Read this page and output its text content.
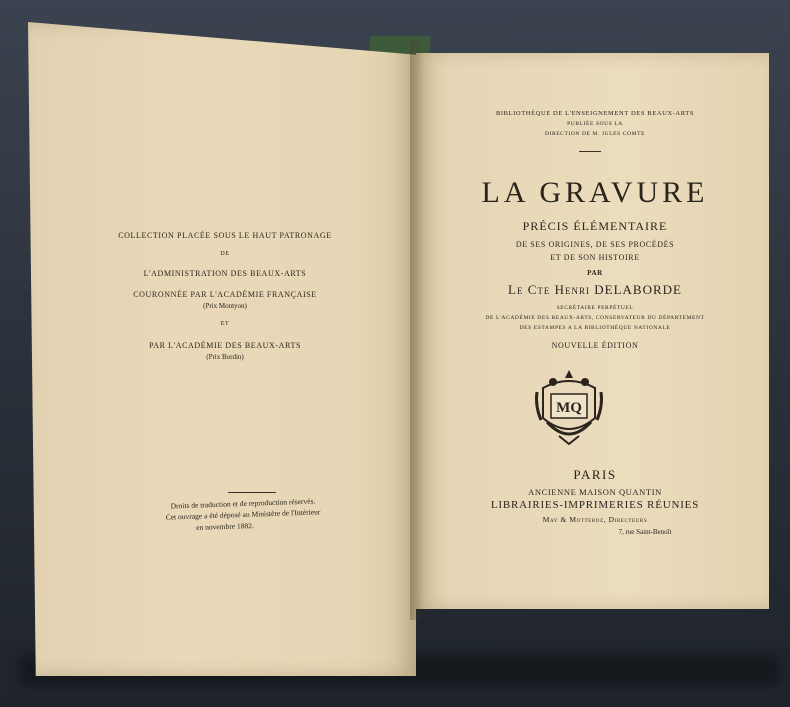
COLLECTION PLACÉE SOUS LE HAUT PATRONAGE
DE
L'ADMINISTRATION DES BEAUX-ARTS
COURONNÉE PAR L'ACADÉMIE FRANÇAISE
(Prix Montyon)
ET
PAR L'ACADÉMIE DES BEAUX-ARTS
(Prix Bordin)
Droits de traduction et de reproduction réservés.
Cet ouvrage a été déposé au Ministère de l'Intérieur
en novembre 1882.
BIBLIOTHÈQUE DE L'ENSEIGNEMENT DES BEAUX-ARTS
PUBLIÉE SOUS LA
DIRECTION DE M. JULES COMTE
LA GRAVURE
PRÉCIS ÉLÉMENTAIRE
DE SES ORIGINES, DE SES PROCÉDÉS
ET DE SON HISTOIRE
PAR
Le Cte Henri DELABORDE
SECRÉTAIRE PERPÉTUEL
DE L'ACADÉMIE DES BEAUX-ARTS, CONSERVATEUR DU DÉPARTEMENT
DES ESTAMPES A LA BIBLIOTHÈQUE NATIONALE
NOUVELLE ÉDITION
MQ
PARIS
ANCIENNE MAISON QUANTIN
LIBRAIRIES-IMPRIMERIES RÉUNIES
May & Motteroz, Directeurs
7, rue Saint-Benoît
